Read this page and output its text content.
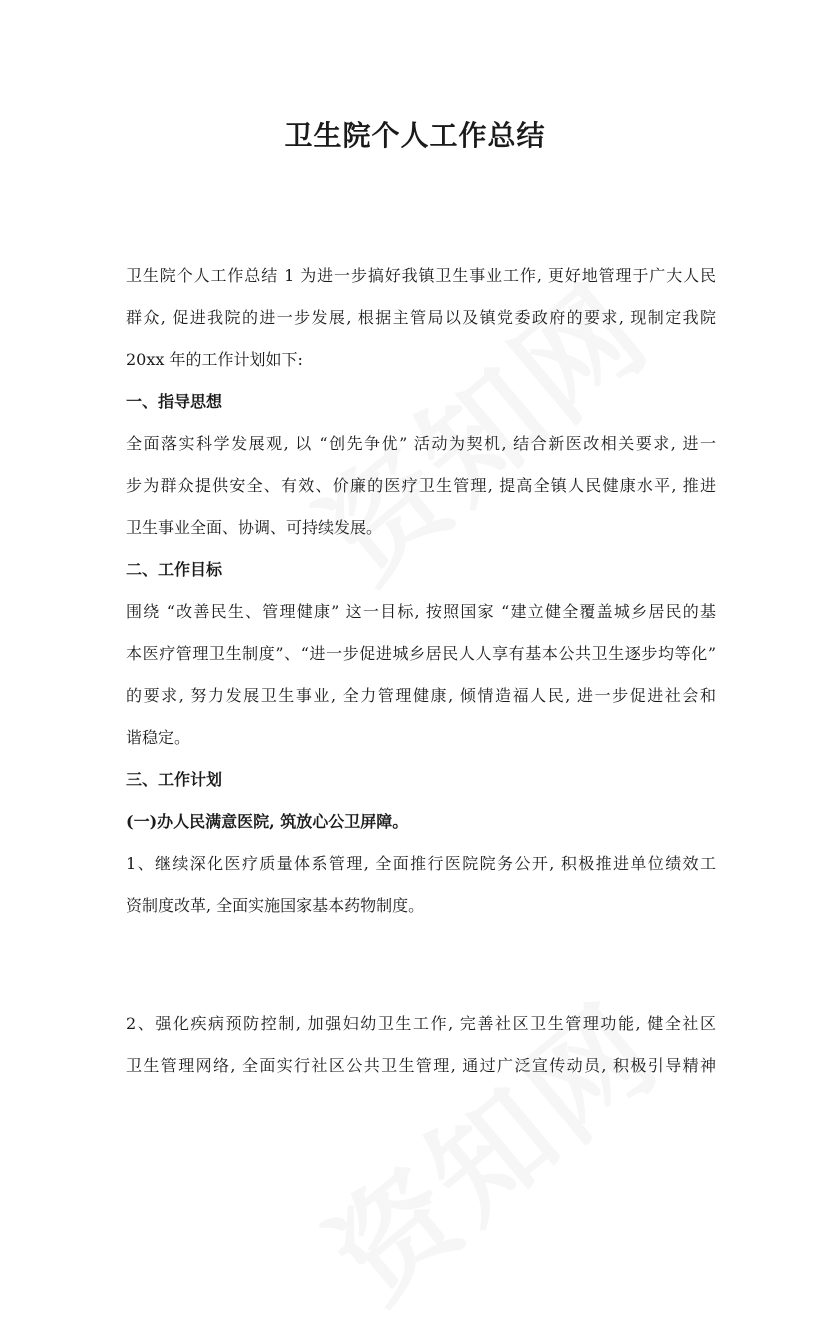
卫生院个人工作总结

卫生院个人工作总结 1 为进一步搞好我镇卫生事业工作, 更好地管理于广大人民

群众, 促进我院的进一步发展, 根据主管局以及镇党委政府的要求, 现制定我院

20xx 年的工作计划如下:

一、指导思想

全面落实科学发展观, 以 “创先争优” 活动为契机, 结合新医改相关要求, 进一

步为群众提供安全、有效、价廉的医疗卫生管理, 提高全镇人民健康水平, 推进

卫生事业全面、协调、可持续发展。

二、工作目标

围绕 “改善民生、管理健康” 这一目标, 按照国家 “建立健全覆盖城乡居民的基

本医疗管理卫生制度”、“进一步促进城乡居民人人享有基本公共卫生逐步均等化”

的要求, 努力发展卫生事业, 全力管理健康, 倾情造福人民, 进一步促进社会和

谐稳定。

三、工作计划

(一)办人民满意医院, 筑放心公卫屏障。

1、继续深化医疗质量体系管理, 全面推行医院院务公开, 积极推进单位绩效工

资制度改革, 全面实施国家基本药物制度。

2、强化疾病预防控制, 加强妇幼卫生工作, 完善社区卫生管理功能, 健全社区

卫生管理网络, 全面实行社区公共卫生管理, 通过广泛宣传动员, 积极引导精神
